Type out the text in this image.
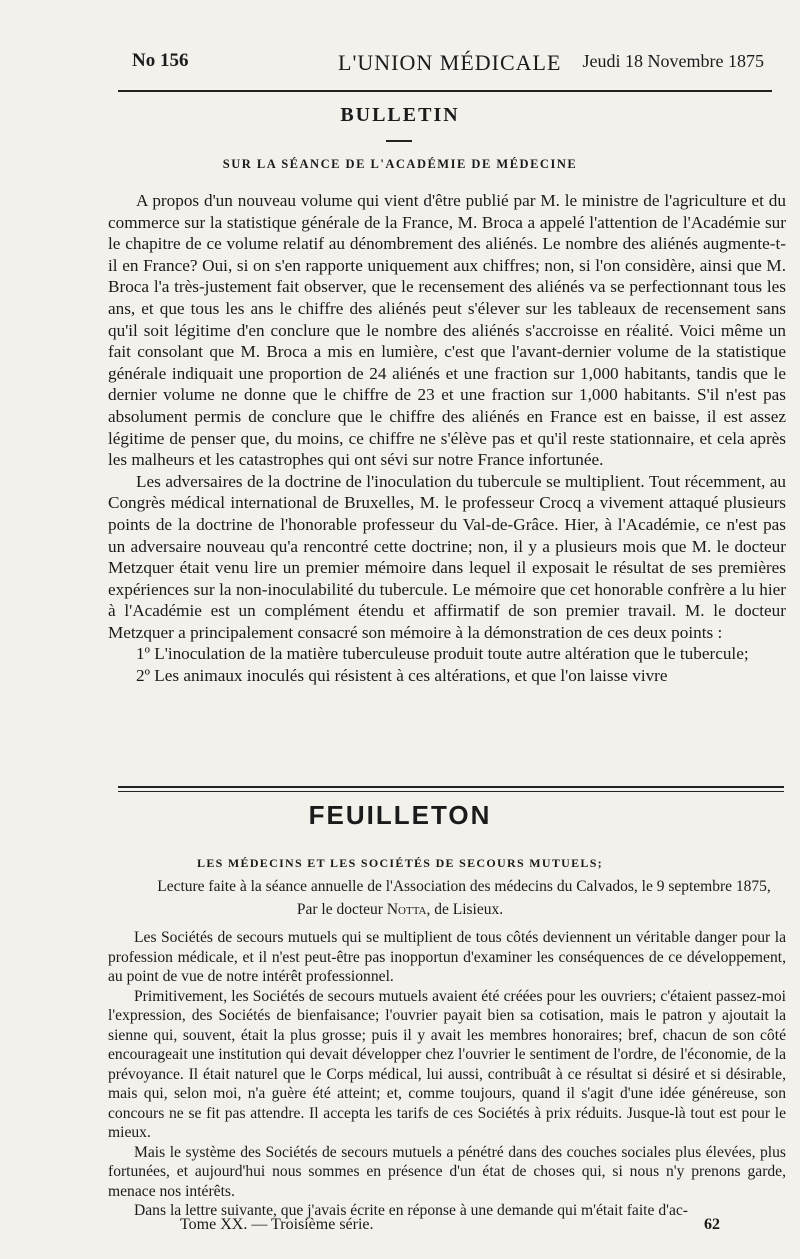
No 156	L'UNION MÉDICALE Jeudi 18 Novembre 1875
BULLETIN
SUR LA SÉANCE DE L'ACADÉMIE DE MÉDECINE

A propos d'un nouveau volume qui vient d'être publié par M. le ministre de l'agriculture et du commerce sur la statistique générale de la France, M. Broca a appelé l'attention de l'Académie sur le chapitre de ce volume relatif au dénombrement des aliénés. Le nombre des aliénés augmente-t-il en France? Oui, si on s'en rapporte uniquement aux chiffres; non, si l'on considère, ainsi que M. Broca l'a très-justement fait observer, que le recensement des aliénés va se perfectionnant tous les ans, et que tous les ans le chiffre des aliénés peut s'élever sur les tableaux de recensement sans qu'il soit légitime d'en conclure que le nombre des aliénés s'accroisse en réalité. Voici même un fait consolant que M. Broca a mis en lumière, c'est que l'avant-dernier volume de la statistique générale indiquait une proportion de 24 aliénés et une fraction sur 1,000 habitants, tandis que le dernier volume ne donne que le chiffre de 23 et une fraction sur 1,000 habitants. S'il n'est pas absolument permis de conclure que le chiffre des aliénés en France est en baisse, il est assez légitime de penser que, du moins, ce chiffre ne s'élève pas et qu'il reste stationnaire, et cela après les malheurs et les catastrophes qui ont sévi sur notre France infortunée.

Les adversaires de la doctrine de l'inoculation du tubercule se multiplient. Tout récemment, au Congrès médical international de Bruxelles, M. le professeur Crocq a vivement attaqué plusieurs points de la doctrine de l'honorable professeur du Val-de-Grâce. Hier, à l'Académie, ce n'est pas un adversaire nouveau qu'a rencontré cette doctrine; non, il y a plusieurs mois que M. le docteur Metzquer était venu lire un premier mémoire dans lequel il exposait le résultat de ses premières expériences sur la non-inoculabilité du tubercule. Le mémoire que cet honorable confrère a lu hier à l'Académie est un complément étendu et affirmatif de son premier travail. M. le docteur Metzquer a principalement consacré son mémoire à la démonstration de ces deux points :

1º L'inoculation de la matière tuberculeuse produit toute autre altération que le tubercule;

2º Les animaux inoculés qui résistent à ces altérations, et que l'on laisse vivre

FEUILLETON
LES MÉDECINS ET LES SOCIÉTÉS DE SECOURS MUTUELS;
Lecture faite à la séance annuelle de l'Association des médecins du Calvados, le 9 septembre 1875,
Par le docteur Notta, de Lisieux.

Les Sociétés de secours mutuels qui se multiplient de tous côtés deviennent un véritable danger pour la profession médicale, et il n'est peut-être pas inopportun d'examiner les conséquences de ce développement, au point de vue de notre intérêt professionnel.

Primitivement, les Sociétés de secours mutuels avaient été créées pour les ouvriers; c'étaient passez-moi l'expression, des Sociétés de bienfaisance; l'ouvrier payait bien sa cotisation, mais le patron y ajoutait la sienne qui, souvent, était la plus grosse; puis il y avait les membres honoraires; bref, chacun de son côté encourageait une institution qui devait développer chez l'ouvrier le sentiment de l'ordre, de l'économie, de la prévoyance. Il était naturel que le Corps médical, lui aussi, contribuât à ce résultat si désiré et si désirable, mais qui, selon moi, n'a guère été atteint; et, comme toujours, quand il s'agit d'une idée généreuse, son concours ne se fit pas attendre. Il accepta les tarifs de ces Sociétés à prix réduits. Jusque-là tout est pour le mieux.

Mais le système des Sociétés de secours mutuels a pénétré dans des couches sociales plus élevées, plus fortunées, et aujourd'hui nous sommes en présence d'un état de choses qui, si nous n'y prenons garde, menace nos intérêts.

Dans la lettre suivante, que j'avais écrite en réponse à une demande qui m'était faite d'ac-

Tome XX. — Troisième série.	62
